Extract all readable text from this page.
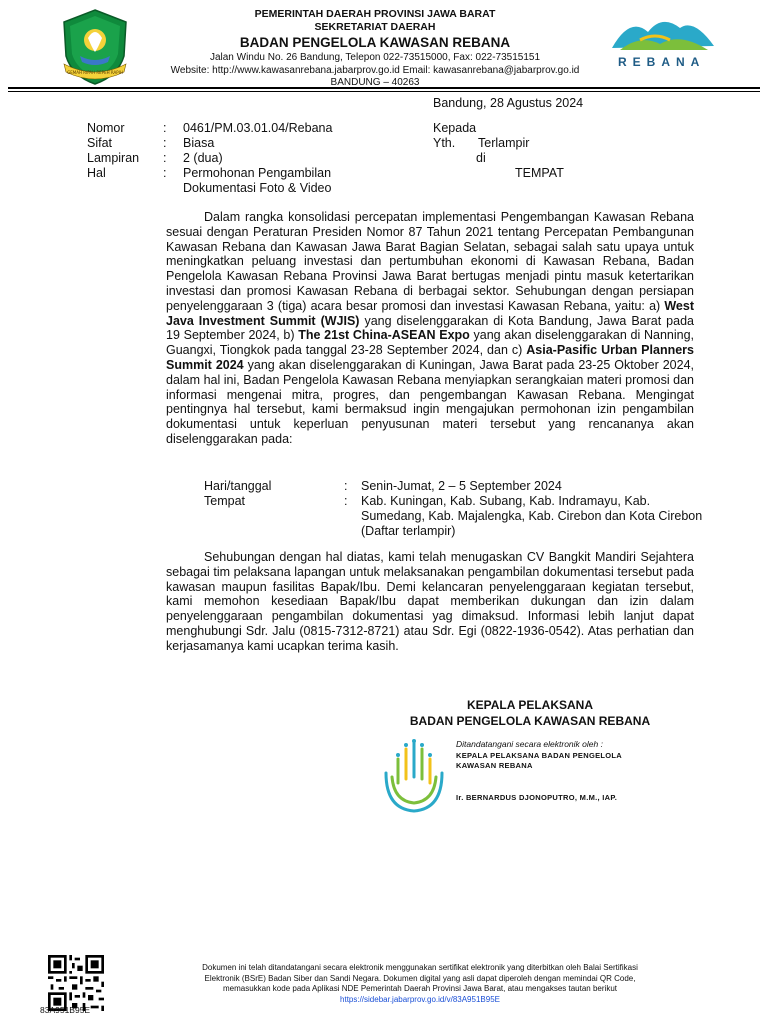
GEMAH RIPAH REPEH RAPIH
PEMERINTAH DAERAH PROVINSI JAWA BARAT
SEKRETARIAT DAERAH
BADAN PENGELOLA KAWASAN REBANA
Jalan Windu No. 26 Bandung, Telepon 022-73515000, Fax: 022-73515151
Website: http://www.kawasanrebana.jabarprov.go.id Email: kawasanrebana@jabarprov.go.id
BANDUNG – 40263
REBANA
Bandung, 28 Agustus 2024
Nomor	:	0461/PM.03.01.04/Rebana
Sifat	:	Biasa
Lampiran	:	2 (dua)
Hal	:	Permohonan Pengambilan
Dokumentasi Foto & Video
Kepada
Yth.	Terlampir
di
TEMPAT

Dalam rangka konsolidasi percepatan implementasi Pengembangan Kawasan Rebana sesuai dengan Peraturan Presiden Nomor 87 Tahun 2021 tentang Percepatan Pembangunan Kawasan Rebana dan Kawasan Jawa Barat Bagian Selatan, sebagai salah satu upaya untuk meningkatkan peluang investasi dan pertumbuhan ekonomi di Kawasan Rebana, Badan Pengelola Kawasan Rebana Provinsi Jawa Barat bertugas menjadi pintu masuk ketertarikan investasi dan promosi Kawasan Rebana di berbagai sektor. Sehubungan dengan persiapan penyelenggaraan 3 (tiga) acara besar promosi dan investasi Kawasan Rebana, yaitu: a) West Java Investment Summit (WJIS) yang diselenggarakan di Kota Bandung, Jawa Barat pada 19 September 2024, b) The 21st China-ASEAN Expo yang akan diselenggarakan di Nanning, Guangxi, Tiongkok pada tanggal 23-28 September 2024, dan c) Asia-Pasific Urban Planners Summit 2024 yang akan diselenggarakan di Kuningan, Jawa Barat pada 23-25 Oktober 2024, dalam hal ini, Badan Pengelola Kawasan Rebana menyiapkan serangkaian materi promosi dan informasi mengenai mitra, progres, dan pengembangan Kawasan Rebana. Mengingat pentingnya hal tersebut, kami bermaksud ingin mengajukan permohonan izin pengambilan dokumentasi untuk keperluan penyusunan materi tersebut yang rencananya akan diselenggarakan pada:

Hari/tanggal	:	Senin-Jumat, 2 – 5 September 2024
Tempat	:	Kab. Kuningan, Kab. Subang, Kab. Indramayu, Kab. Sumedang, Kab. Majalengka, Kab. Cirebon dan Kota Cirebon (Daftar terlampir)

Sehubungan dengan hal diatas, kami telah menugaskan CV Bangkit Mandiri Sejahtera sebagai tim pelaksana lapangan untuk melaksanakan pengambilan dokumentasi tersebut pada kawasan maupun fasilitas Bapak/Ibu. Demi kelancaran penyelenggaraan kegiatan tersebut, kami memohon kesediaan Bapak/Ibu dapat memberikan dukungan dan izin dalam penyelenggaraan pengambilan dokumentasi yag dimaksud. Informasi lebih lanjut dapat menghubungi Sdr. Jalu (0815-7312-8721) atau Sdr. Egi (0822-1936-0542). Atas perhatian dan kerjasamanya kami ucapkan terima kasih.

KEPALA PELAKSANA
BADAN PENGELOLA KAWASAN REBANA
Ditandatangani secara elektronik oleh :
KEPALA PELAKSANA BADAN PENGELOLA
KAWASAN REBANA
Ir. BERNARDUS DJONOPUTRO, M.M., IAP.
83A951B95E
Dokumen ini telah ditandatangani secara elektronik menggunakan sertifikat elektronik yang diterbitkan oleh Balai Sertifikasi
Elektronik (BSrE) Badan Siber dan Sandi Negara. Dokumen digital yang asli dapat diperoleh dengan memindai QR Code,
memasukkan kode pada Aplikasi NDE Pemerintah Daerah Provinsi Jawa Barat, atau mengakses tautan berikut
https://sidebar.jabarprov.go.id/v/83A951B95E
